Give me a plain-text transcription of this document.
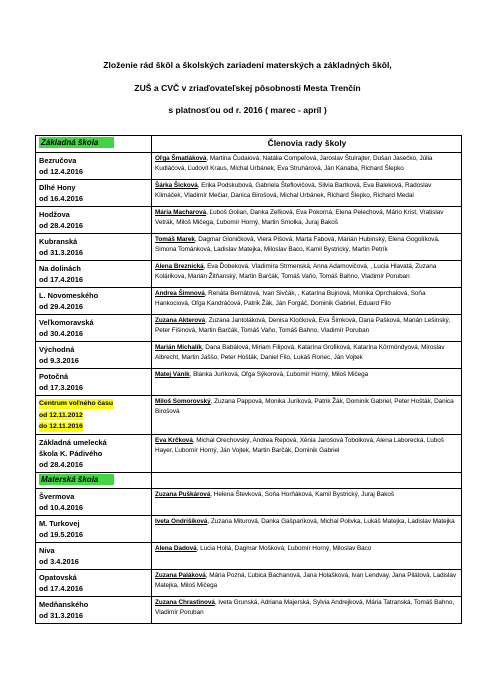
Zloženie rád škôl a školských zariadení materských a základných škôl,
ZUŠ a CVČ v zriaďovateľskej pôsobnosti Mesta Trenčín
s platnosťou od r. 2016 ( marec - apríl )
Základná škola	Členovia rady školy

Bezručova
od 12.4.2016	Oľga Šmatláková, Martina Čudaiová, Natália Compeľová, Jaroslav Štulrajter, Dušan Jasečko, Júlia Kudláčová, Ľudovít Kraus, Michal Urbánek, Eva Struhárová, Ján Kanaba, Richard Šlepko

Dlhé Hony
od 16.4.2016	Šárka Šicková, Erika Podskubová, Gabriela Šteflovičová, Silvia Bartková, Eva Baleková, Radoslav Klimáček, Vladimír Mečiar, Danica Birošová, Michal Urbánek, Richard Šlepko, Richard Medal

Hodžova
od 28.4.2016	Mária Macharová, Ľuboš Golian, Danka Zeľková, Eva Pokorná, Elena Pelechová, Mário Krist, Vratislav Vetrák, Miloš Mičega, Ľubomír Horný, Martin Smolka, Juraj Bakoš

Kubranská
od 31.3.2016	Tomáš Marek, Dagmar Gloničková, Viera Pišová, Marta Fabová, Marián Hubinský, Elena Gogolíková, Simona Tománková, Ladislav Matejka, Miloslav Baco, Kamil Bystrický, Martin Petrík

Na dolinách
od 17.4.2016	Alena Breznická, Eva Ďobeková, Vladimíra Strmenská, Anna Adamovičová, , Lucia Hlavatá, Zuzana Kolárikova, Marián Žitňanský, Martin Barčák, Tomáš Vaňo, Tomáš Bahno, Vladimír Poruban

L. Novomeského
od 29.4.2016	Andrea Šimnová, Renáta Bernátová, Ivan Sivčák, , Katarína Bujnová, Monika Oprchalová, Soňa Hankociová, Oľga Kandráčová, Patrik Žák, Ján Forgáč, Dominik Gabriel, Eduard Filo

Veľkomoravská
od 30.4.2016	Zuzana Akterová, Zuzana Jantoláková, Denisa Kločková, Eva Šimková, Dana Pašková, Marián Lešinský, Peter Fišinová, Martin Barčák, Tomáš Vaňo, Tomáš Bahno, Vladimír Poruban

Východná
od 9.3.2016	Marián Michalík, Dana Babálová, Miriam Filipová, Katarína Grofiková, Katarína Körmöndyová, Miroslav Albrecht, Martin Jaššo, Peter Hošták, Daniel Filo, Lukáš Ronec, Ján Vojtek

Potočná
od 17.3.2016	Matej Vánik, Blanka Juríková, Oľga Sýkorová, Ľubomír Horný, Miloš Mičega

Centrum voľného času
od 12.11.2012
do 12.11.2016	Miloš Somorovský, Zuzana Pappová, Monika Juríková, Patrik Žák, Dominik Gabriel, Peter Hošták, Danica Birošová

Základná umelecká
škola K. Pádivého
od 28.4.2016	Eva Krčková, Michal Orechovský, Andrea Repová, Xénia Jarošová Tobolková, Alena Laborecká, Ľuboš Hayer, Ľubomír Horný, Ján Vojtek, Martin Barčák, Dominik Gabriel
Materská škola	

Švermova
od 10.4.2016	Zuzana Puškárová, Helena Števková, Soňa Horňáková, Kamil Bystrický, Juraj Bakoš

M. Turkovej
od 19.5.2016	Iveta Ondrišíková, Zuzana Miturová, Danka Gašparíková, Michal Polivka, Lukáš Matejka, Ladislav Matejka

Niva
od 3.4.2016	Alena Dadová, Lucia Hollá, Dagmar Mošková, Ľubomír Horný, Miloslav Baco

Opatovská
od 17.4.2016	Zuzana Paláková, Mária Pozná, Ľubica Bachanová, Jana Holašková, Ivan Lendvay, Jana Pilátová, Ladislav Matejka, Miloš Mičega

Medňanského
od 31.3.2016	Zuzana Chrastinová, Iveta Grunská, Adriana Majerská, Sylvia Andrejková, Mária Tatranská, Tomáš Bahno, Vladimír Poruban
